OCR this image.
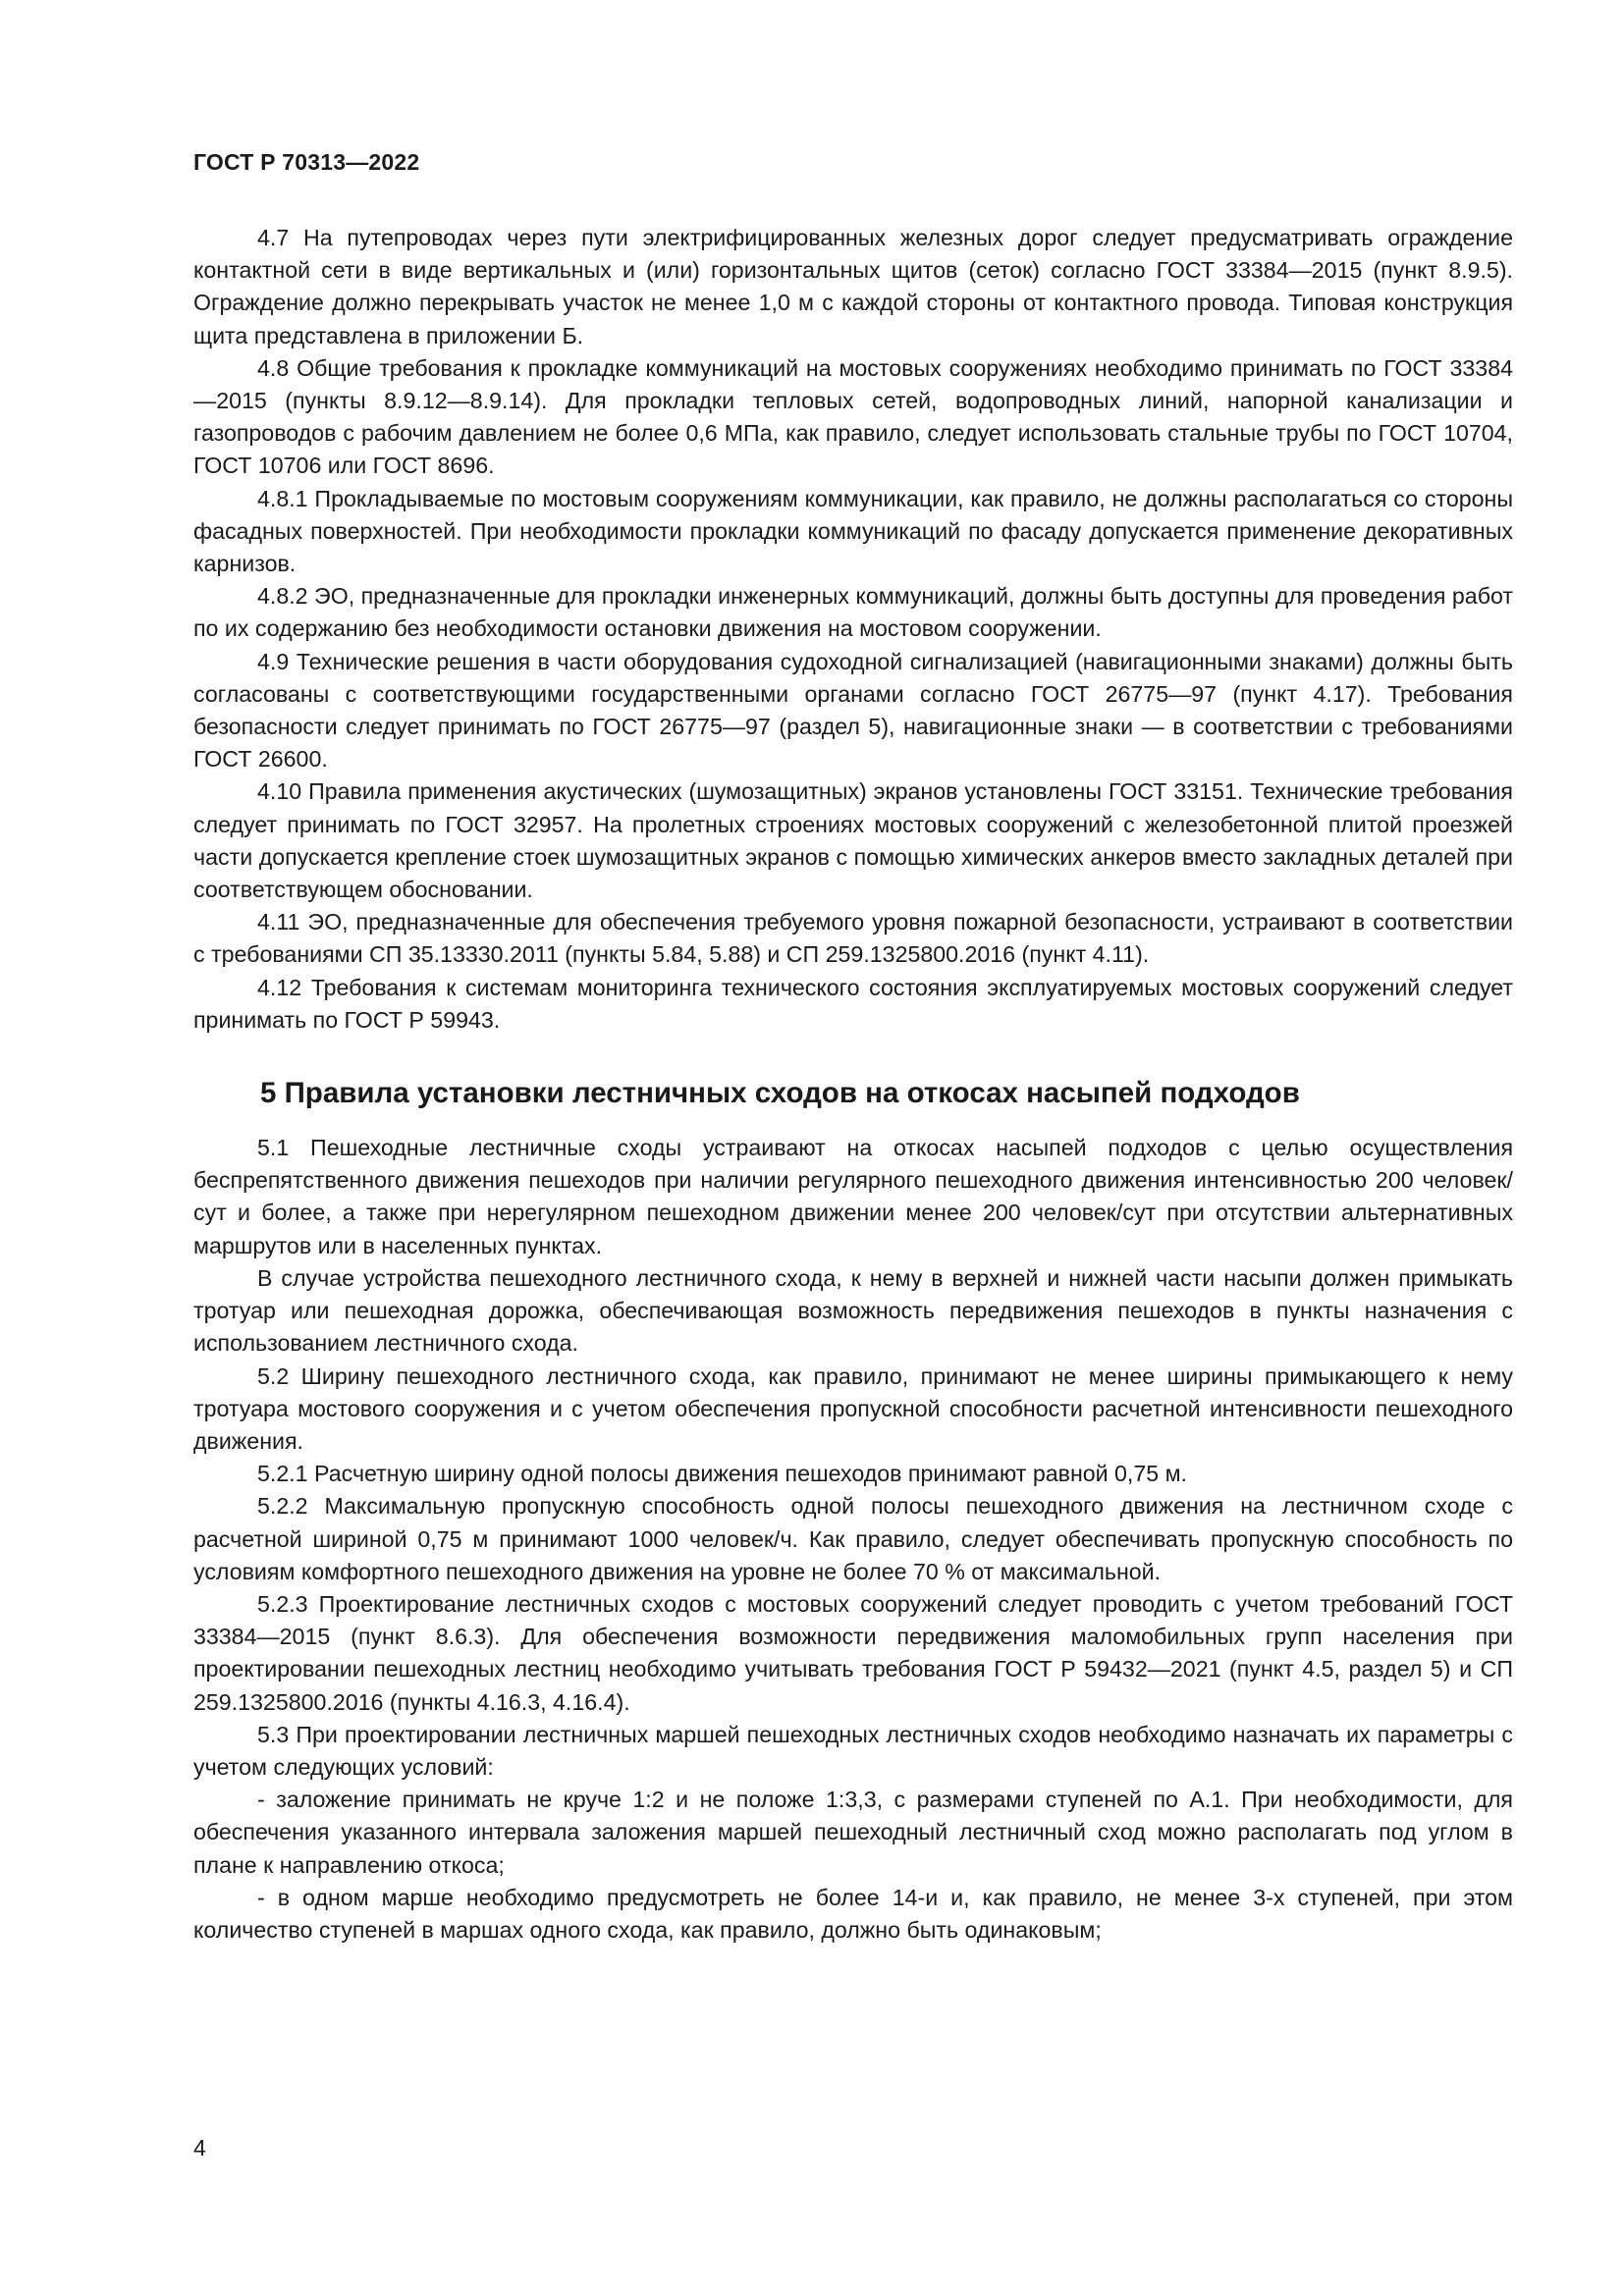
ГОСТ Р 70313—2022

4.7 На путепроводах через пути электрифицированных железных дорог следует предусматривать ограждение контактной сети в виде вертикальных и (или) горизонтальных щитов (сеток) согласно ГОСТ 33384—2015 (пункт 8.9.5). Ограждение должно перекрывать участок не менее 1,0 м с каждой стороны от контактного провода. Типовая конструкция щита представлена в приложении Б.

4.8 Общие требования к прокладке коммуникаций на мостовых сооружениях необходимо принимать по ГОСТ 33384—2015 (пункты 8.9.12—8.9.14). Для прокладки тепловых сетей, водопроводных линий, напорной канализации и газопроводов с рабочим давлением не более 0,6 МПа, как правило, следует использовать стальные трубы по ГОСТ 10704, ГОСТ 10706 или ГОСТ 8696.

4.8.1 Прокладываемые по мостовым сооружениям коммуникации, как правило, не должны располагаться со стороны фасадных поверхностей. При необходимости прокладки коммуникаций по фасаду допускается применение декоративных карнизов.

4.8.2 ЭО, предназначенные для прокладки инженерных коммуникаций, должны быть доступны для проведения работ по их содержанию без необходимости остановки движения на мостовом сооружении.

4.9 Технические решения в части оборудования судоходной сигнализацией (навигационными знаками) должны быть согласованы с соответствующими государственными органами согласно ГОСТ 26775—97 (пункт 4.17). Требования безопасности следует принимать по ГОСТ 26775—97 (раздел 5), навигационные знаки — в соответствии с требованиями ГОСТ 26600.

4.10 Правила применения акустических (шумозащитных) экранов установлены ГОСТ 33151. Технические требования следует принимать по ГОСТ 32957. На пролетных строениях мостовых сооружений с железобетонной плитой проезжей части допускается крепление стоек шумозащитных экранов с помощью химических анкеров вместо закладных деталей при соответствующем обосновании.

4.11 ЭО, предназначенные для обеспечения требуемого уровня пожарной безопасности, устраивают в соответствии с требованиями СП 35.13330.2011 (пункты 5.84, 5.88) и СП 259.1325800.2016 (пункт 4.11).

4.12 Требования к системам мониторинга технического состояния эксплуатируемых мостовых сооружений следует принимать по ГОСТ Р 59943.

5 Правила установки лестничных сходов на откосах насыпей подходов

5.1 Пешеходные лестничные сходы устраивают на откосах насыпей подходов с целью осуществления беспрепятственного движения пешеходов при наличии регулярного пешеходного движения интенсивностью 200 человек/сут и более, а также при нерегулярном пешеходном движении менее 200 человек/сут при отсутствии альтернативных маршрутов или в населенных пунктах.

В случае устройства пешеходного лестничного схода, к нему в верхней и нижней части насыпи должен примыкать тротуар или пешеходная дорожка, обеспечивающая возможность передвижения пешеходов в пункты назначения с использованием лестничного схода.

5.2 Ширину пешеходного лестничного схода, как правило, принимают не менее ширины примыкающего к нему тротуара мостового сооружения и с учетом обеспечения пропускной способности расчетной интенсивности пешеходного движения.

5.2.1 Расчетную ширину одной полосы движения пешеходов принимают равной 0,75 м.

5.2.2 Максимальную пропускную способность одной полосы пешеходного движения на лестничном сходе с расчетной шириной 0,75 м принимают 1000 человек/ч. Как правило, следует обеспечивать пропускную способность по условиям комфортного пешеходного движения на уровне не более 70 % от максимальной.

5.2.3 Проектирование лестничных сходов с мостовых сооружений следует проводить с учетом требований ГОСТ 33384—2015 (пункт 8.6.3). Для обеспечения возможности передвижения маломобильных групп населения при проектировании пешеходных лестниц необходимо учитывать требования ГОСТ Р 59432—2021 (пункт 4.5, раздел 5) и СП 259.1325800.2016 (пункты 4.16.3, 4.16.4).

5.3 При проектировании лестничных маршей пешеходных лестничных сходов необходимо назначать их параметры с учетом следующих условий:

- заложение принимать не круче 1:2 и не положе 1:3,3, с размерами ступеней по А.1. При необходимости, для обеспечения указанного интервала заложения маршей пешеходный лестничный сход можно располагать под углом в плане к направлению откоса;

- в одном марше необходимо предусмотреть не более 14-и и, как правило, не менее 3-х ступеней, при этом количество ступеней в маршах одного схода, как правило, должно быть одинаковым;

4
